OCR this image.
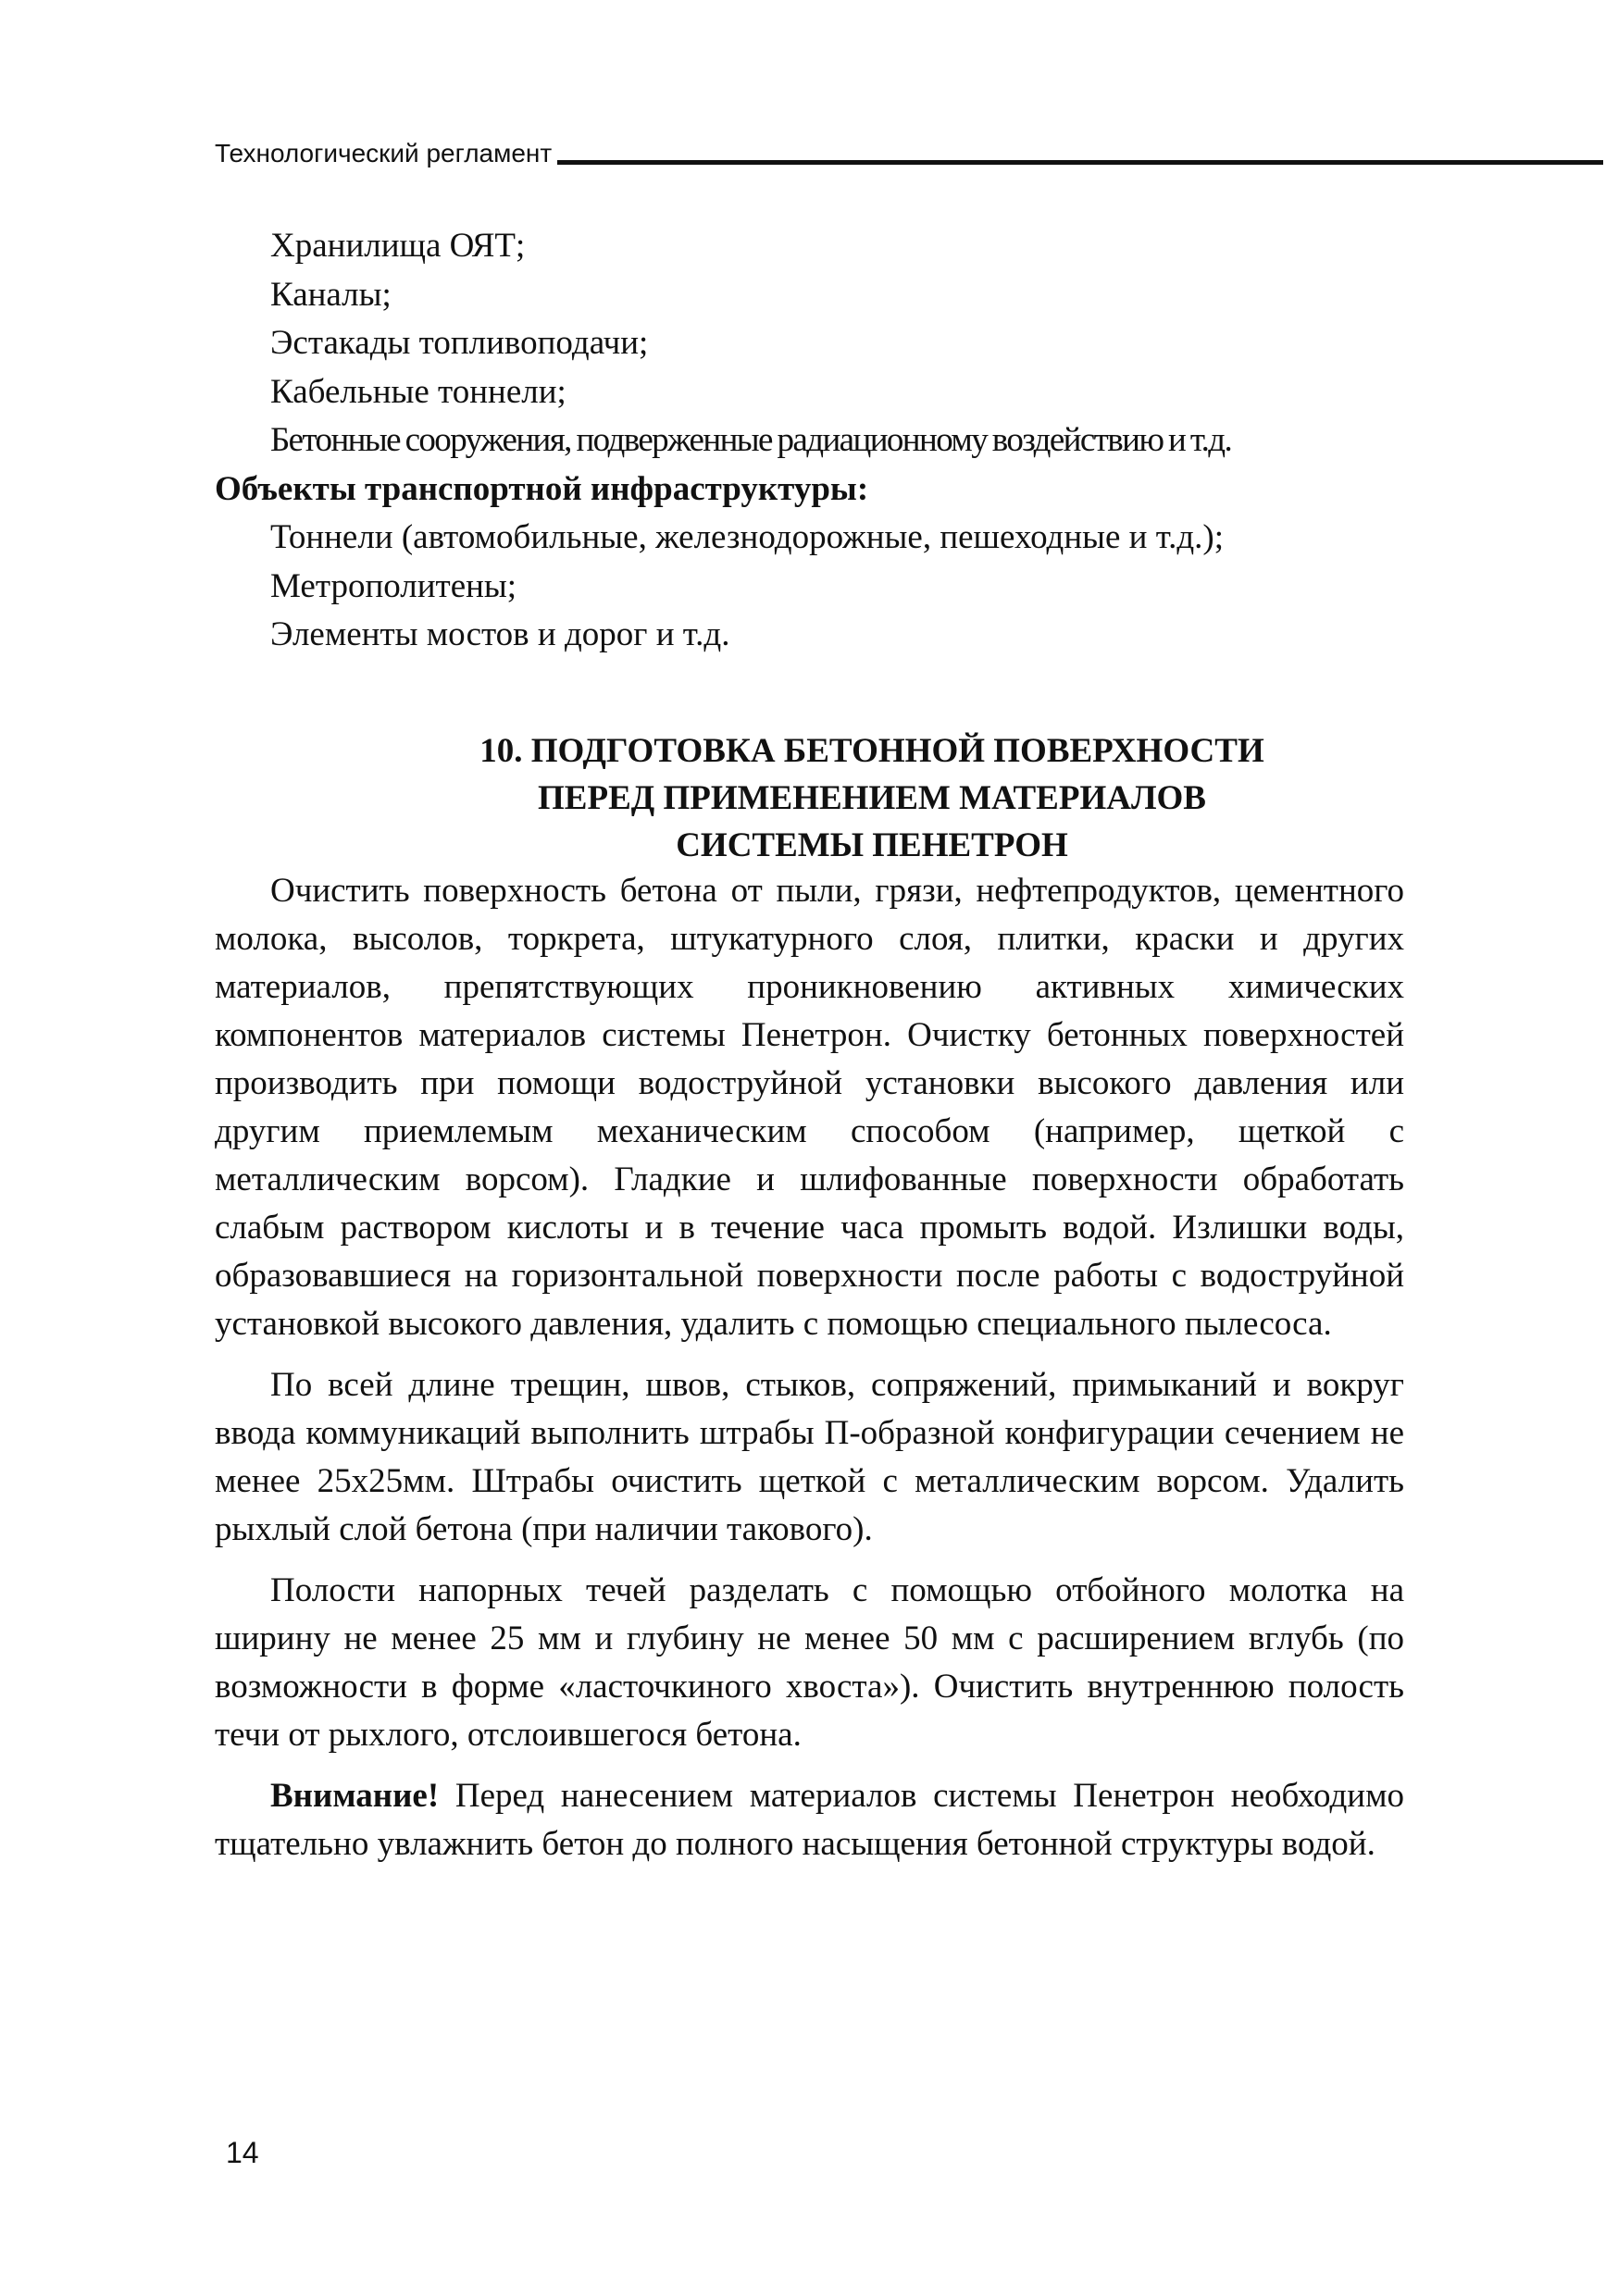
Технологический регламент
Хранилища ОЯТ;
Каналы;
Эстакады топливоподачи;
Кабельные тоннели;
Бетонные сооружения, подверженные радиационному воздействию и т.д.
Объекты транспортной инфраструктуры:
Тоннели (автомобильные, железнодорожные, пешеходные и т.д.);
Метрополитены;
Элементы мостов и дорог и т.д.
10. ПОДГОТОВКА БЕТОННОЙ ПОВЕРХНОСТИ
ПЕРЕД ПРИМЕНЕНИЕМ МАТЕРИАЛОВ
СИСТЕМЫ ПЕНЕТРОН

Очистить поверхность бетона от пыли, грязи, нефтепродуктов, цементного молока, высолов, торкрета, штукатурного слоя, плитки, краски и других материалов, препятствующих проникновению активных химических компонентов материалов системы Пенетрон. Очистку бетонных поверхностей производить при помощи водоструйной установки высокого давления или другим приемлемым механическим способом (например, щеткой с металлическим ворсом). Гладкие и шлифованные поверхности обработать слабым раствором кислоты и в течение часа промыть водой. Излишки воды, образовавшиеся на горизонтальной поверхности после работы с водоструйной установкой высокого давления, удалить с помощью специального пылесоса.

По всей длине трещин, швов, стыков, сопряжений, примыканий и вокруг ввода коммуникаций выполнить штрабы П-образной конфигурации сечением не менее 25х25мм. Штрабы очистить щеткой с металлическим ворсом. Удалить рыхлый слой бетона (при наличии такового).

Полости напорных течей разделать с помощью отбойного молотка на ширину не менее 25 мм и глубину не менее 50 мм с расширением вглубь (по возможности в форме «ласточкиного хвоста»). Очистить внутреннюю полость течи от рыхлого, отслоившегося бетона.

Внимание! Перед нанесением материалов системы Пенетрон необходимо тщательно увлажнить бетон до полного насыщения бетонной структуры водой.

14
